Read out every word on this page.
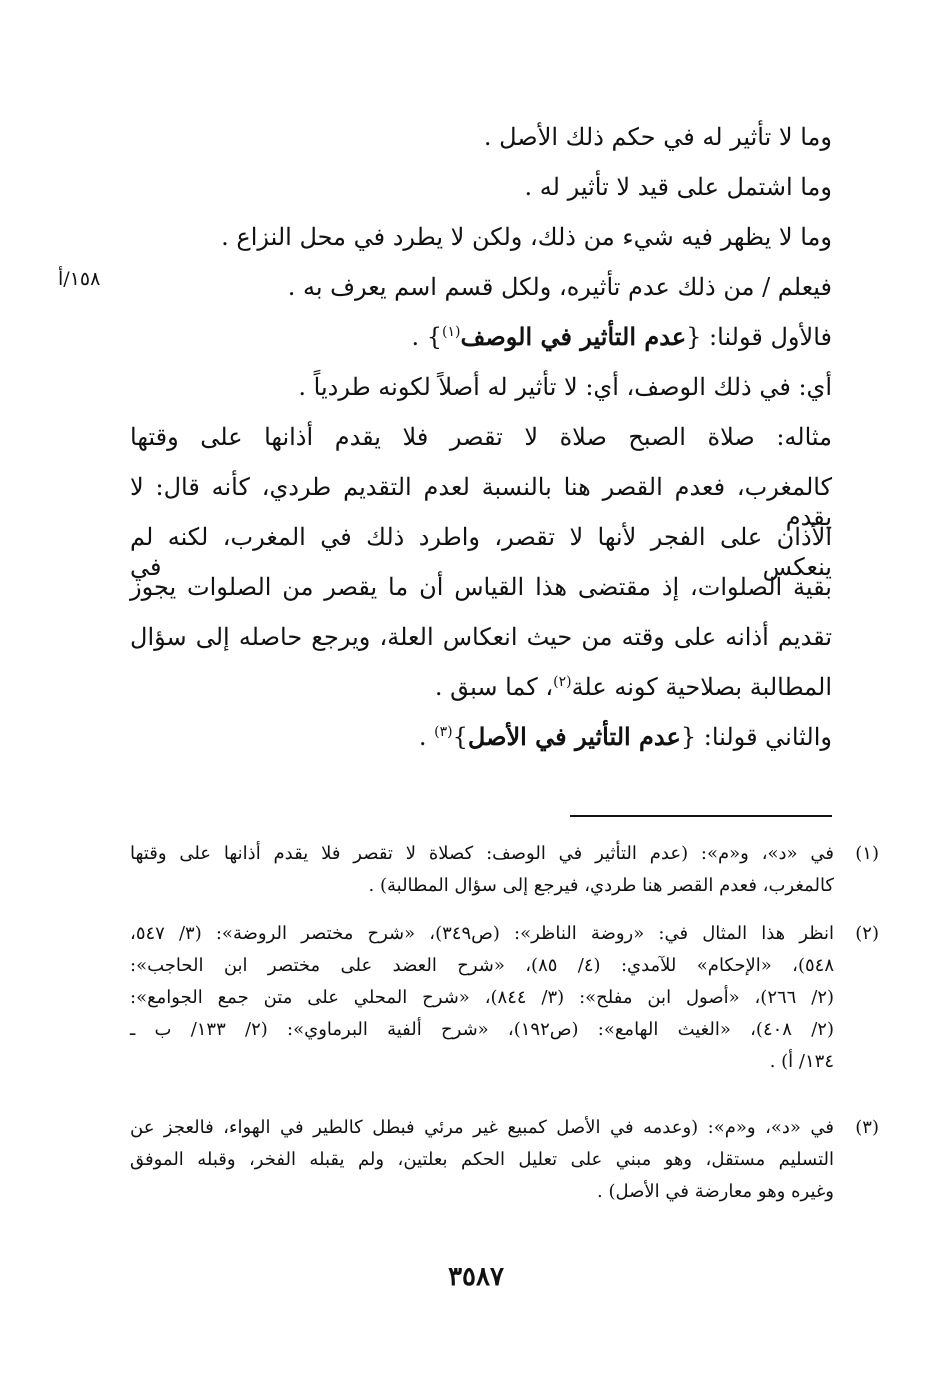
وما لا تأثير له في حكم ذلك الأصل .
وما اشتمل على قيد لا تأثير له .
وما لا يظهر فيه شيء من ذلك، ولكن لا يطرد في محل النزاع .
فيعلم / من ذلك عدم تأثيره، ولكل قسم اسم يعرف به .
١٥٨/أ
فالأول قولنا: {عدم التأثير في الوصف$^{(١)}$} .
أي: في ذلك الوصف، أي: لا تأثير له أصلاً لكونه طردياً .
مثاله: صلاة الصبح صلاة لا تقصر فلا يقدم أذانها على وقتها
كالمغرب، فعدم القصر هنا بالنسبة لعدم التقديم طردي، كأنه قال: لا يقدم
الأذان على الفجر لأنها لا تقصر، واطرد ذلك في المغرب، لكنه لم ينعكس في
بقية الصلوات، إذ مقتضى هذا القياس أن ما يقصر من الصلوات يجوز
تقديم أذانه على وقته من حيث انعكاس العلة، ويرجع حاصله إلى سؤال
المطالبة بصلاحية كونه علة$^{(٢)}$، كما سبق .
والثاني قولنا: {عدم التأثير في الأصل}$^{(٣)}$ .
(١)
في «د»، و«م»: (عدم التأثير في الوصف: كصلاة لا تقصر فلا يقدم أذانها على وقتها
كالمغرب، فعدم القصر هنا طردي، فيرجع إلى سؤال المطالبة) .
(٢)
انظر هذا المثال في: «روضة الناظر»: (ص٣٤٩)، «شرح مختصر الروضة»: (٣/ ٥٤٧،
٥٤٨)، «الإحكام» للآمدي: (٤/ ٨٥)، «شرح العضد على مختصر ابن الحاجب»:
(٢/ ٢٦٦)، «أصول ابن مفلح»: (٣/ ٨٤٤)، «شرح المحلي على متن جمع الجوامع»:
(٢/ ٤٠٨)، «الغيث الهامع»: (ص١٩٢)، «شرح ألفية البرماوي»: (٢/ ١٣٣/ ب ـ
١٣٤/ أ) .
(٣)
في «د»، و«م»: (وعدمه في الأصل كمبيع غير مرئي فبطل كالطير في الهواء، فالعجز عن
التسليم مستقل، وهو مبني على تعليل الحكم بعلتين، ولم يقبله الفخر، وقبله الموفق
وغيره وهو معارضة في الأصل) .
٣٥٨٧
